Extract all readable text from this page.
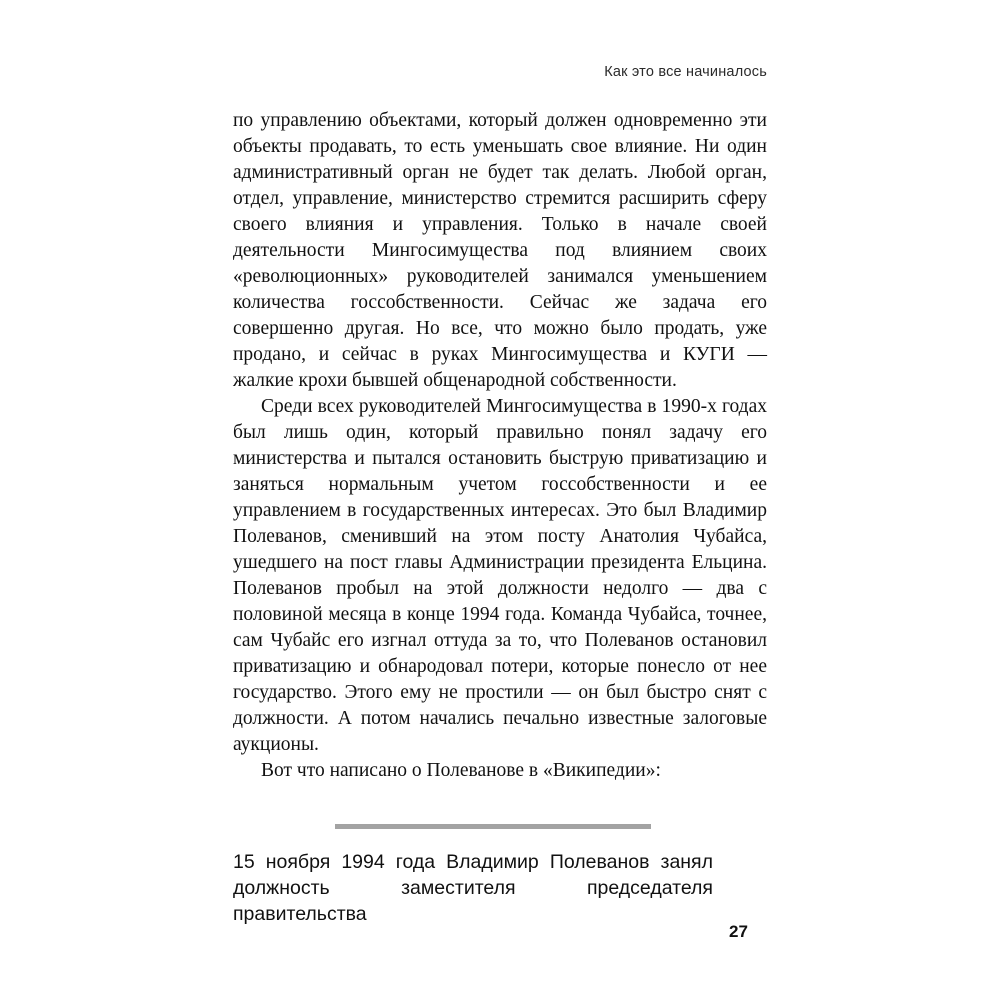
Как это все начиналось

по управлению объектами, который должен одновременно эти объекты продавать, то есть уменьшать свое влияние. Ни один административный орган не будет так делать. Любой орган, отдел, управление, министерство стремится расширить сферу своего влияния и управления. Только в начале своей деятельности Мингосимущества под влиянием своих «революционных» руководителей занимался уменьшением количества госсобственности. Сейчас же задача его совершенно другая. Но все, что можно было продать, уже продано, и сейчас в руках Мингосимущества и КУГИ — жалкие крохи бывшей общенародной собственности.

Среди всех руководителей Мингосимущества в 1990-х годах был лишь один, который правильно понял задачу его министерства и пытался остановить быструю приватизацию и заняться нормальным учетом госсобственности и ее управлением в государственных интересах. Это был Владимир Полеванов, сменивший на этом посту Анатолия Чубайса, ушедшего на пост главы Администрации президента Ельцина. Полеванов пробыл на этой должности недолго — два с половиной месяца в конце 1994 года. Команда Чубайса, точнее, сам Чубайс его изгнал оттуда за то, что Полеванов остановил приватизацию и обнародовал потери, которые понесло от нее государство. Этого ему не простили — он был быстро снят с должности. А потом начались печально известные залоговые аукционы.

Вот что написано о Полеванове в «Википедии»:

15 ноября 1994 года Владимир Полеванов занял должность заместителя председателя правительства

27
